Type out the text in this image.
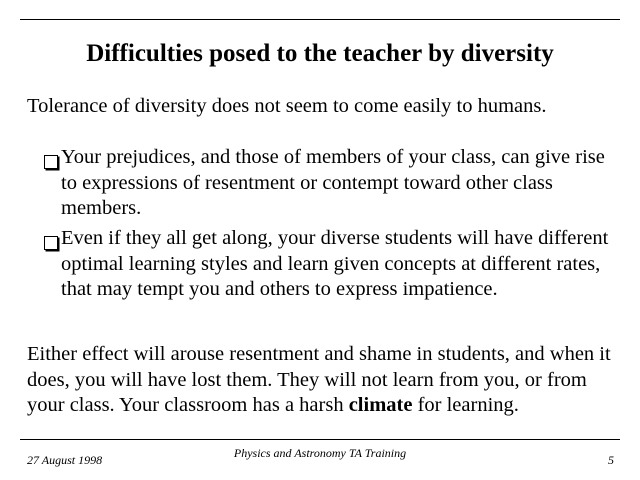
Difficulties posed to the teacher by diversity
Tolerance of diversity does not seem to come easily to humans.
Your prejudices, and those of members of your class, can give rise to expressions of resentment or contempt toward other class members.
Even if they all get along, your diverse students will have different optimal learning styles and learn given concepts at different rates, that may tempt you and others to express impatience.
Either effect will arouse resentment and shame in students, and when it does, you will have lost them. They will not learn from you, or from your class. Your classroom has a harsh climate for learning.
27 August 1998	Physics and Astronomy TA Training	5
